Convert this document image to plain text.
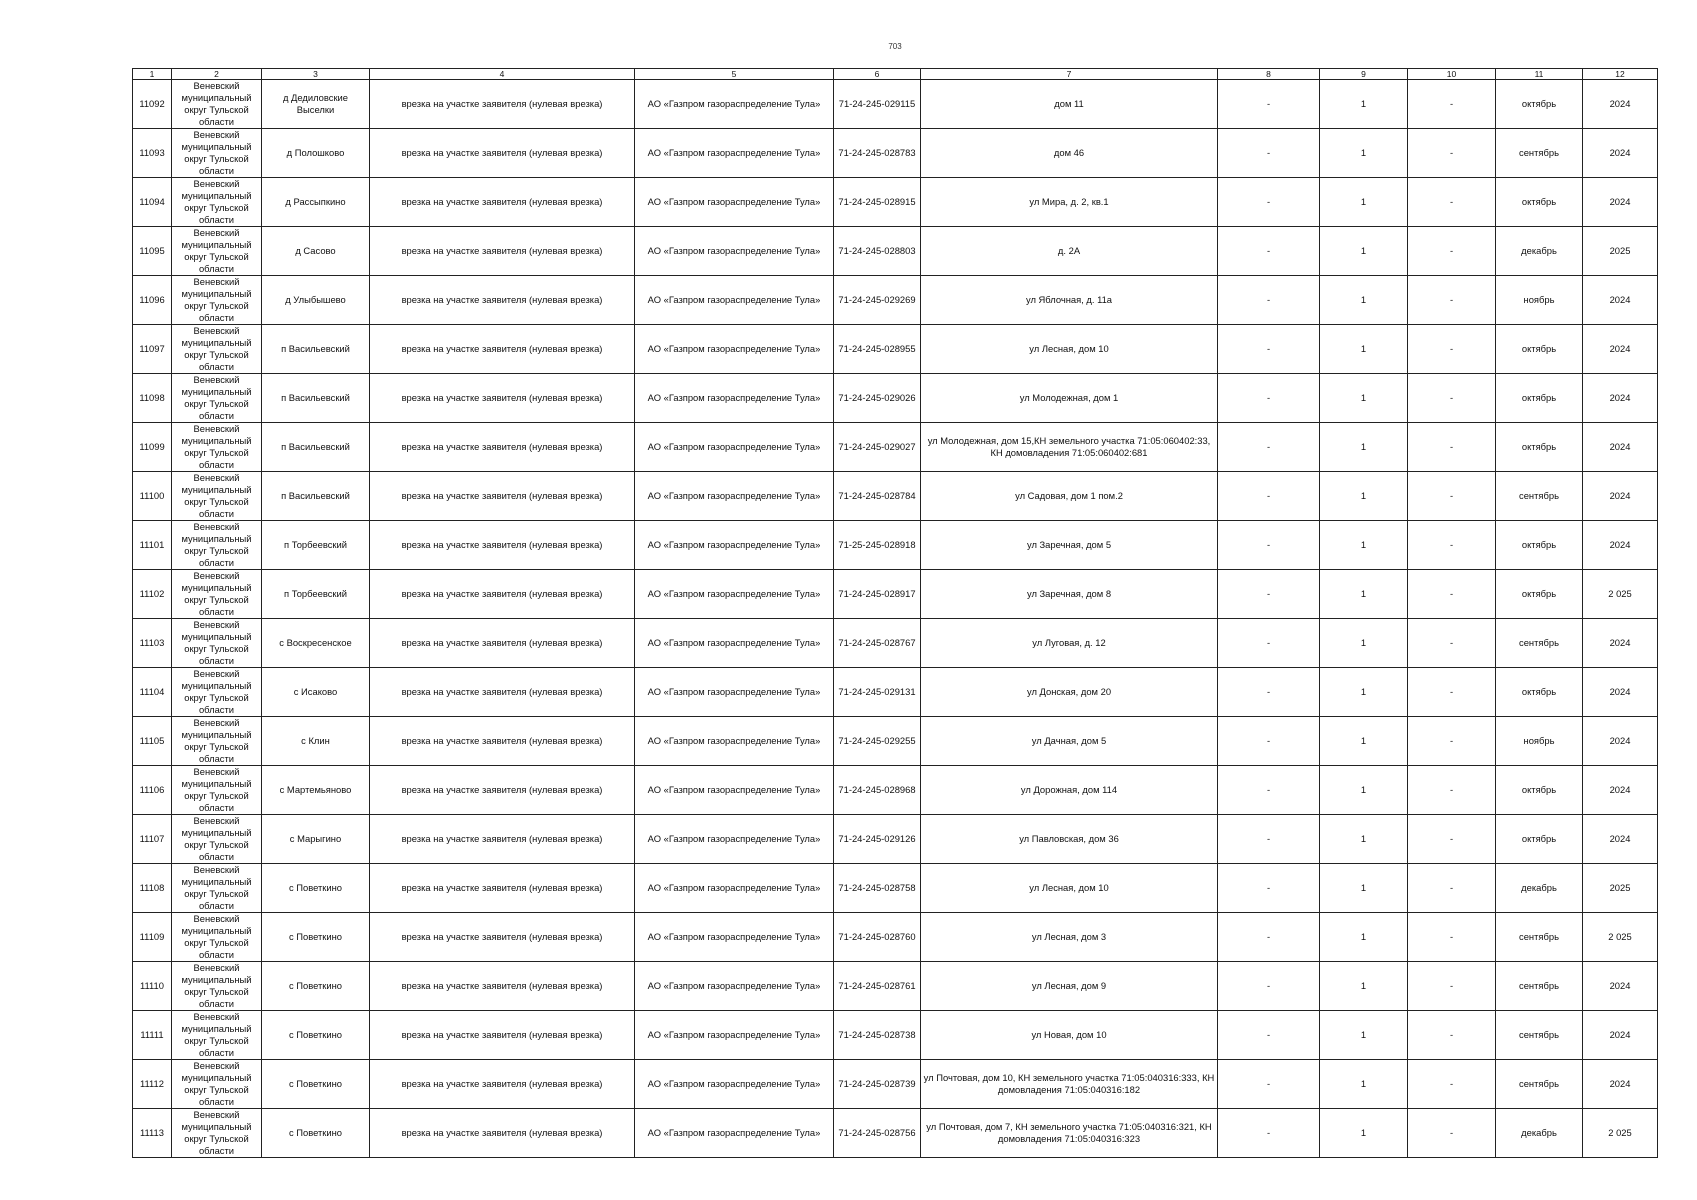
703
1	2	3	4	5	6	7	8	9	10	11	12
11092	Веневский муниципальный округ Тульской области	д Дедиловские Выселки	врезка на участке заявителя (нулевая врезка)	АО «Газпром газораспределение Тула»	71-24-245-029115	дом 11	-	1	-	октябрь	2024
11093	Веневский муниципальный округ Тульской области	д Полошково	врезка на участке заявителя (нулевая врезка)	АО «Газпром газораспределение Тула»	71-24-245-028783	дом 46	-	1	-	сентябрь	2024
11094	Веневский муниципальный округ Тульской области	д Рассыпкино	врезка на участке заявителя (нулевая врезка)	АО «Газпром газораспределение Тула»	71-24-245-028915	ул Мира, д. 2, кв.1	-	1	-	октябрь	2024
11095	Веневский муниципальный округ Тульской области	д Сасово	врезка на участке заявителя (нулевая врезка)	АО «Газпром газораспределение Тула»	71-24-245-028803	д. 2А	-	1	-	декабрь	2025
11096	Веневский муниципальный округ Тульской области	д Улыбышево	врезка на участке заявителя (нулевая врезка)	АО «Газпром газораспределение Тула»	71-24-245-029269	ул Яблочная, д. 11а	-	1	-	ноябрь	2024
11097	Веневский муниципальный округ Тульской области	п Васильевский	врезка на участке заявителя (нулевая врезка)	АО «Газпром газораспределение Тула»	71-24-245-028955	ул Лесная, дом 10	-	1	-	октябрь	2024
11098	Веневский муниципальный округ Тульской области	п Васильевский	врезка на участке заявителя (нулевая врезка)	АО «Газпром газораспределение Тула»	71-24-245-029026	ул Молодежная, дом 1	-	1	-	октябрь	2024
11099	Веневский муниципальный округ Тульской области	п Васильевский	врезка на участке заявителя (нулевая врезка)	АО «Газпром газораспределение Тула»	71-24-245-029027	ул Молодежная, дом 15,КН земельного участка 71:05:060402:33, КН домовладения 71:05:060402:681	-	1	-	октябрь	2024
11100	Веневский муниципальный округ Тульской области	п Васильевский	врезка на участке заявителя (нулевая врезка)	АО «Газпром газораспределение Тула»	71-24-245-028784	ул Садовая, дом 1 пом.2	-	1	-	сентябрь	2024
11101	Веневский муниципальный округ Тульской области	п Торбеевский	врезка на участке заявителя (нулевая врезка)	АО «Газпром газораспределение Тула»	71-25-245-028918	ул Заречная, дом 5	-	1	-	октябрь	2024
11102	Веневский муниципальный округ Тульской области	п Торбеевский	врезка на участке заявителя (нулевая врезка)	АО «Газпром газораспределение Тула»	71-24-245-028917	ул Заречная, дом 8	-	1	-	октябрь	2 025
11103	Веневский муниципальный округ Тульской области	с Воскресенское	врезка на участке заявителя (нулевая врезка)	АО «Газпром газораспределение Тула»	71-24-245-028767	ул Луговая, д. 12	-	1	-	сентябрь	2024
11104	Веневский муниципальный округ Тульской области	с Исаково	врезка на участке заявителя (нулевая врезка)	АО «Газпром газораспределение Тула»	71-24-245-029131	ул Донская, дом 20	-	1	-	октябрь	2024
11105	Веневский муниципальный округ Тульской области	с Клин	врезка на участке заявителя (нулевая врезка)	АО «Газпром газораспределение Тула»	71-24-245-029255	ул Дачная, дом 5	-	1	-	ноябрь	2024
11106	Веневский муниципальный округ Тульской области	с Мартемьяново	врезка на участке заявителя (нулевая врезка)	АО «Газпром газораспределение Тула»	71-24-245-028968	ул Дорожная, дом 114	-	1	-	октябрь	2024
11107	Веневский муниципальный округ Тульской области	с Марыгино	врезка на участке заявителя (нулевая врезка)	АО «Газпром газораспределение Тула»	71-24-245-029126	ул Павловская, дом 36	-	1	-	октябрь	2024
11108	Веневский муниципальный округ Тульской области	с Поветкино	врезка на участке заявителя (нулевая врезка)	АО «Газпром газораспределение Тула»	71-24-245-028758	ул Лесная, дом 10	-	1	-	декабрь	2025
11109	Веневский муниципальный округ Тульской области	с Поветкино	врезка на участке заявителя (нулевая врезка)	АО «Газпром газораспределение Тула»	71-24-245-028760	ул Лесная, дом 3	-	1	-	сентябрь	2 025
11110	Веневский муниципальный округ Тульской области	с Поветкино	врезка на участке заявителя (нулевая врезка)	АО «Газпром газораспределение Тула»	71-24-245-028761	ул Лесная, дом 9	-	1	-	сентябрь	2024
11111	Веневский муниципальный округ Тульской области	с Поветкино	врезка на участке заявителя (нулевая врезка)	АО «Газпром газораспределение Тула»	71-24-245-028738	ул Новая, дом 10	-	1	-	сентябрь	2024
11112	Веневский муниципальный округ Тульской области	с Поветкино	врезка на участке заявителя (нулевая врезка)	АО «Газпром газораспределение Тула»	71-24-245-028739	ул Почтовая, дом 10, КН земельного участка 71:05:040316:333, КН домовладения 71:05:040316:182	-	1	-	сентябрь	2024
11113	Веневский муниципальный округ Тульской области	с Поветкино	врезка на участке заявителя (нулевая врезка)	АО «Газпром газораспределение Тула»	71-24-245-028756	ул Почтовая, дом 7, КН земельного участка 71:05:040316:321, КН домовладения 71:05:040316:323	-	1	-	декабрь	2 025
